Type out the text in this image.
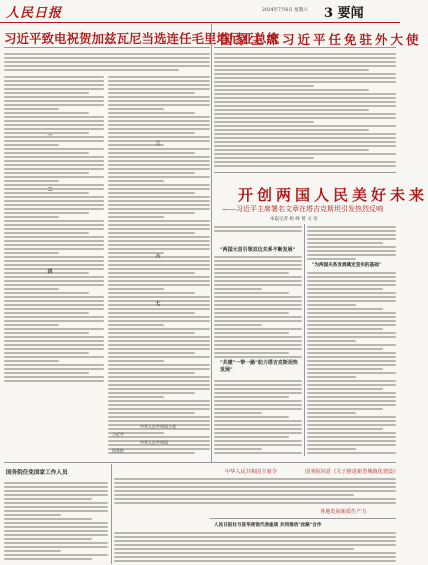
人民日报	2024年7月6日 星期六 3 要闻
习近平致电祝贺加兹瓦尼当选连任毛里塔尼亚总统
国家主席习近平任免驻外大使
一
二
三
四
六
七
开创两国人民美好未来
——习近平主席署名文章在塔吉克斯坦引发热烈反响
本报记者 杨 峰 黄 文 帝
"两国元首引领双边关系不断发展"
"共建"一带一路"助力塔吉克斯坦快发展"
"为两国关系发展奠定坚实的基础"
中华人民共和国主席
习近平
中华人民共和国
国务院
国务院任免国家工作人员	中华人民共和国主席令	国务院同意《关于推进新型城镇化建设》
各地发展新质生产力
人民日报社与驻华使馆代表座谈 共同推动"丝路"合作
